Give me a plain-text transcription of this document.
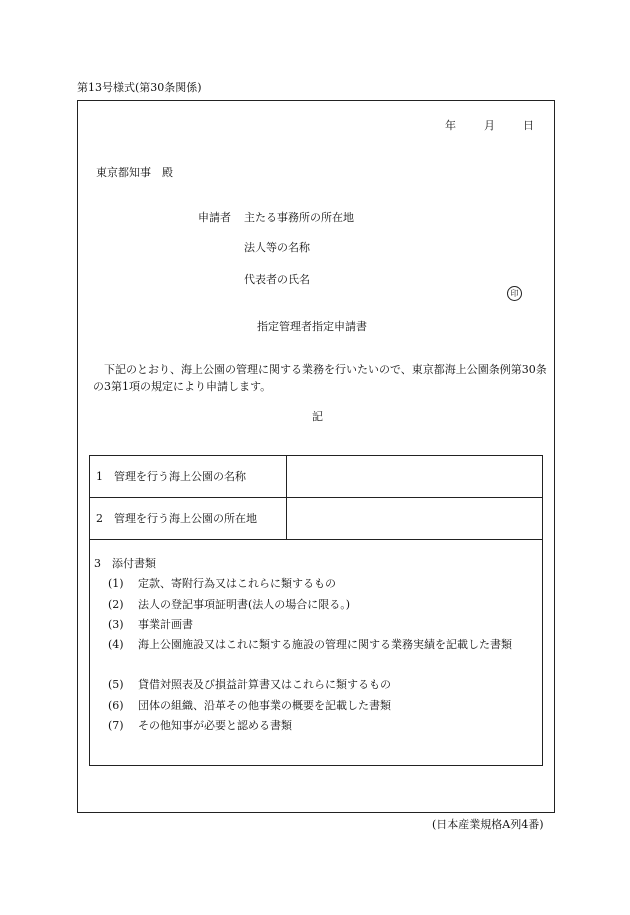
第13号様式(第30条関係)
年	月	日
東京都知事　殿
申請者 主たる事務所の所在地
法人等の名称
代表者の氏名
印
指定管理者指定申請書
下記のとおり、海上公園の管理に関する業務を行いたいので、東京都海上公園条例第30条の3第1項の規定により申請します。
記
1　管理を行う海上公園の名称
2　管理を行う海上公園の所在地
3　添付書類
(1) 定款、寄附行為又はこれらに類するもの
(2) 法人の登記事項証明書(法人の場合に限る。)
(3) 事業計画書
(4) 海上公園施設又はこれに類する施設の管理に関する業務実績を記載した書類
(5) 貸借対照表及び損益計算書又はこれらに類するもの
(6) 団体の組織、沿革その他事業の概要を記載した書類
(7) その他知事が必要と認める書類
(日本産業規格A列4番)
